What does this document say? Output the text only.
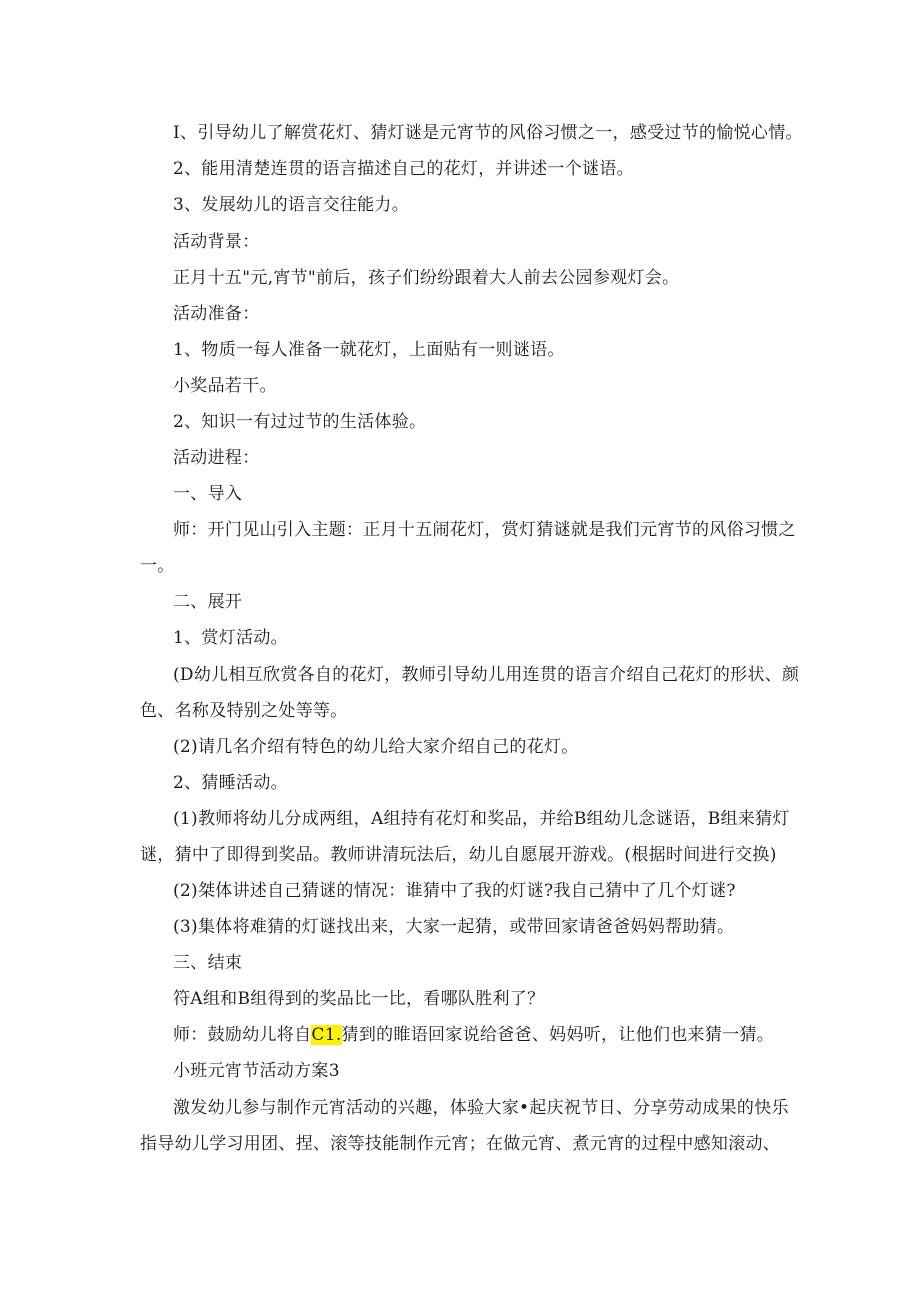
I、引导幼儿了解赏花灯、猜灯谜是元宵节的风俗习惯之一，感受过节的愉悦心情。
2、能用清楚连贯的语言描述自己的花灯，并讲述一个谜语。
3、发展幼儿的语言交往能力。
活动背景：
正月十五"元,宵节"前后，孩子们纷纷跟着大人前去公园参观灯会。
活动准备：
1、物质一每人准备一就花灯，上面贴有一则谜语。
小奖品若干。
2、知识一有过过节的生活体验。
活动进程：
一、导入
师：开门见山引入主题：正月十五闹花灯，赏灯猜谜就是我们元宵节的风俗习惯之
一。
二、展开
1、赏灯活动。
(D幼儿相互欣赏各自的花灯，教师引导幼儿用连贯的语言介绍自己花灯的形状、颜
色、名称及特别之处等等。
(2)请几名介绍有特色的幼儿给大家介绍自己的花灯。
2、猜睡活动。
(1)教师将幼儿分成两组，A组持有花灯和奖品，并给B组幼儿念谜语，B组来猜灯
谜，猜中了即得到奖品。教师讲清玩法后，幼儿自愿展开游戏。(根据时间进行交换)
(2)桀体讲述自己猜谜的情况：谁猜中了我的灯谜?我自己猜中了几个灯谜?
(3)集体将难猜的灯谜找出来，大家一起猜，或带回家请爸爸妈妈帮助猜。
三、结束
符A组和B组得到的奖品比一比，看哪队胜利了？
师：鼓励幼儿将自C1.猜到的睢语回家说给爸爸、妈妈听，让他们也来猜一猜。
小班元宵节活动方案3
激发幼儿参与制作元宵活动的兴趣，体验大家•起庆祝节日、分享劳动成果的快乐
指导幼儿学习用团、捏、滚等技能制作元宵；在做元宵、煮元宵的过程中感知滚动、
